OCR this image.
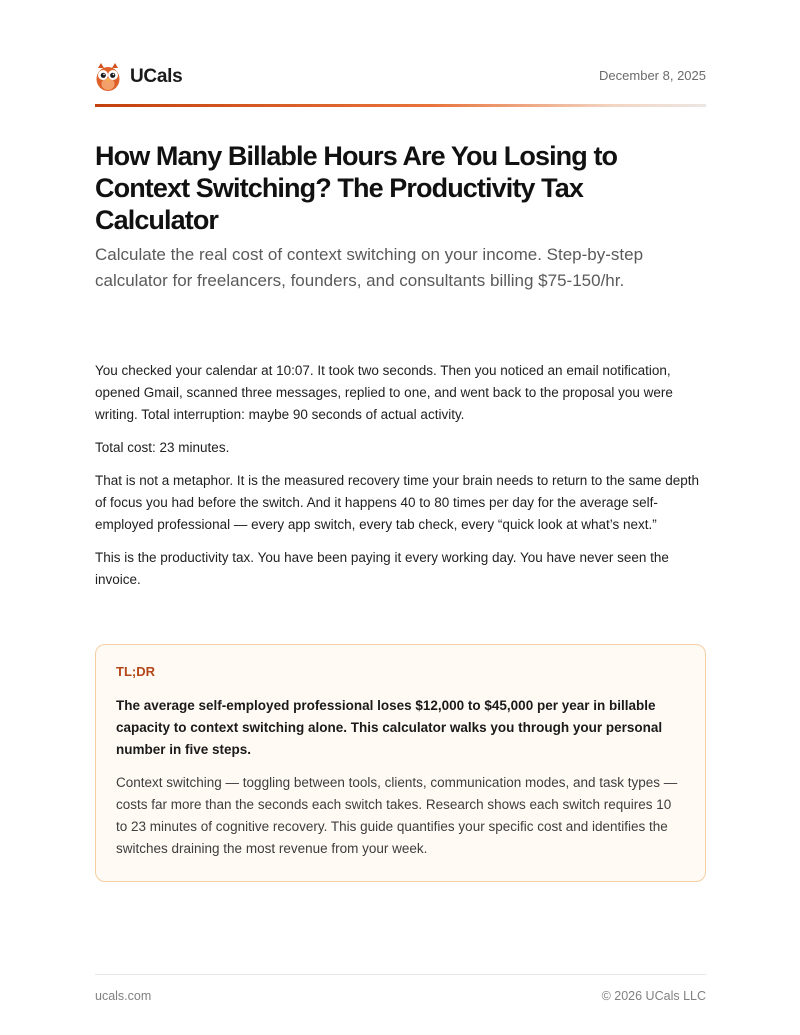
UCals	December 8, 2025
How Many Billable Hours Are You Losing to Context Switching? The Productivity Tax Calculator

Calculate the real cost of context switching on your income. Step-by-step calculator for freelancers, founders, and consultants billing $75-150/hr.

You checked your calendar at 10:07. It took two seconds. Then you noticed an email notification, opened Gmail, scanned three messages, replied to one, and went back to the proposal you were writing. Total interruption: maybe 90 seconds of actual activity.

Total cost: 23 minutes.

That is not a metaphor. It is the measured recovery time your brain needs to return to the same depth of focus you had before the switch. And it happens 40 to 80 times per day for the average self-employed professional — every app switch, every tab check, every “quick look at what’s next.”

This is the productivity tax. You have been paying it every working day. You have never seen the invoice.

TL;DR

The average self-employed professional loses $12,000 to $45,000 per year in billable capacity to context switching alone. This calculator walks you through your personal number in five steps.

Context switching — toggling between tools, clients, communication modes, and task types — costs far more than the seconds each switch takes. Research shows each switch requires 10 to 23 minutes of cognitive recovery. This guide quantifies your specific cost and identifies the switches draining the most revenue from your week.

ucals.com	© 2026 UCals LLC
